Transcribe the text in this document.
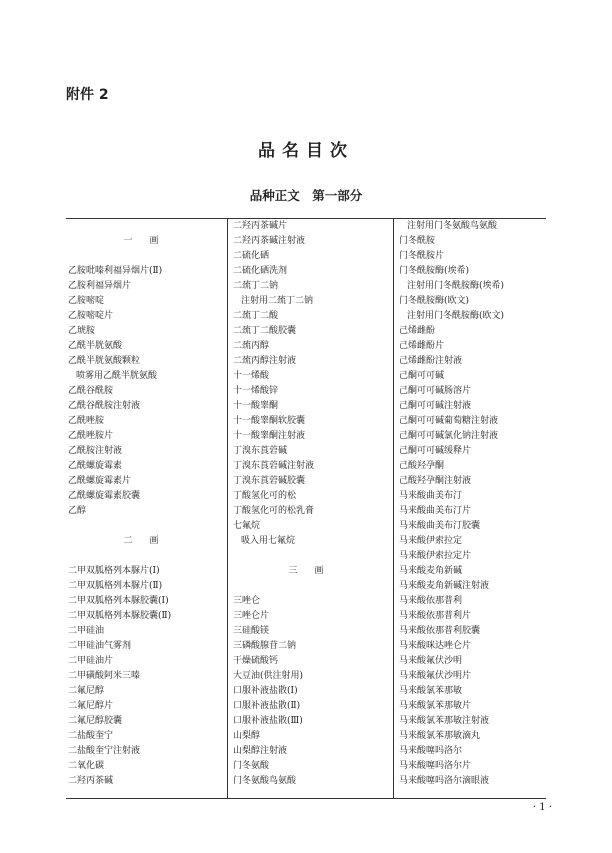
附件 2
品名目次
品种正文　第一部分
一　画
乙胺吡嗪利福异烟片(Ⅱ)
乙胺利福异烟片
乙胺嘧啶
乙胺嘧啶片
乙琥胺
乙酰半胱氨酸
乙酰半胱氨酸颗粒
喷雾用乙酰半胱氨酸
乙酰谷酰胺
乙酰谷酰胺注射液
乙酰唑胺
乙酰唑胺片
乙酰胺注射液
乙酰螺旋霉素
乙酰螺旋霉素片
乙酰螺旋霉素胶囊
乙醇
二　画
二甲双胍格列本脲片(Ⅰ)
二甲双胍格列本脲片(Ⅱ)
二甲双胍格列本脲胶囊(Ⅰ)
二甲双胍格列本脲胶囊(Ⅱ)
二甲硅油
二甲硅油气雾剂
二甲硅油片
二甲磺酸阿米三嗪
二氟尼醇
二氟尼醇片
二氟尼醇胶囊
二盐酸奎宁
二盐酸奎宁注射液
二氧化碳
二羟丙茶碱
二羟丙茶碱片
二羟丙茶碱注射液
二硫化硒
二硫化硒洗剂
二巯丁二钠
注射用二巯丁二钠
二巯丁二酸
二巯丁二酸胶囊
二巯丙醇
二巯丙醇注射液
十一烯酸
十一烯酸锌
十一酸睾酮
十一酸睾酮软胶囊
十一酸睾酮注射液
丁溴东莨菪碱
丁溴东莨菪碱注射液
丁溴东莨菪碱胶囊
丁酸氢化可的松
丁酸氢化可的松乳膏
七氟烷
吸入用七氟烷
三　画
三唑仑
三唑仑片
三硅酸镁
三磷酸腺苷二钠
干燥硫酸钙
大豆油(供注射用)
口服补液盐散(Ⅰ)
口服补液盐散(Ⅱ)
口服补液盐散(Ⅲ)
山梨醇
山梨醇注射液
门冬氨酸
门冬氨酸鸟氨酸
注射用门冬氨酸鸟氨酸
门冬酰胺
门冬酰胺片
门冬酰胺酶(埃希)
注射用门冬酰胺酶(埃希)
门冬酰胺酶(欧文)
注射用门冬酰胺酶(欧文)
己烯雌酚
己烯雌酚片
己烯雌酚注射液
己酮可可碱
己酮可可碱肠溶片
己酮可可碱注射液
己酮可可碱葡萄糖注射液
己酮可可碱氯化钠注射液
己酮可可碱缓释片
己酸羟孕酮
己酸羟孕酮注射液
马来酸曲美布汀
马来酸曲美布汀片
马来酸曲美布汀胶囊
马来酸伊索拉定
马来酸伊索拉定片
马来酸麦角新碱
马来酸麦角新碱注射液
马来酸依那普利
马来酸依那普利片
马来酸依那普利胶囊
马来酸咪达唑仑片
马来酸氟伏沙明
马来酸氟伏沙明片
马来酸氯苯那敏
马来酸氯苯那敏片
马来酸氯苯那敏注射液
马来酸氯苯那敏滴丸
马来酸噻吗洛尔
马来酸噻吗洛尔片
马来酸噻吗洛尔滴眼液
· 1 ·
